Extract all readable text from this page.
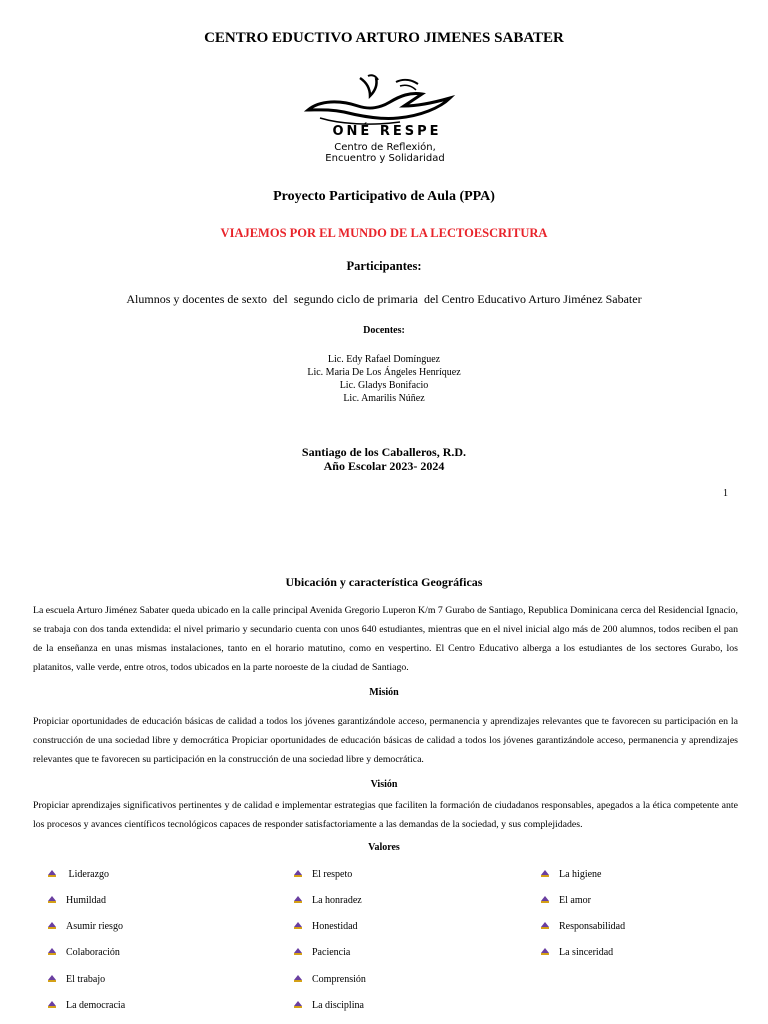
CENTRO EDUCTIVO ARTURO JIMENES SABATER
ONÉ RESPE
Centro de Reflexión,
Encuentro y Solidaridad
Proyecto Participativo de Aula (PPA)
VIAJEMOS POR EL MUNDO DE LA LECTOESCRITURA
Participantes:
Alumnos y docentes de sexto  del  segundo ciclo de primaria  del Centro Educativo Arturo Jiménez Sabater
Docentes:
Lic. Edy Rafael Domínguez
Lic. Maria De Los Ángeles Henríquez
Lic. Gladys Bonifacio
Lic. Amarilis Núñez
Santiago de los Caballeros, R.D.
Año Escolar 2023- 2024
1
Ubicación y característica Geográficas
La escuela Arturo Jiménez Sabater queda ubicado en la calle principal Avenida Gregorio Luperon K/m 7 Gurabo de Santiago, Republica Dominicana cerca del Residencial Ignacio, se trabaja con dos tanda extendida: el nivel primario y secundario cuenta con unos 640 estudiantes, mientras que en el nivel inicial algo más de 200 alumnos, todos reciben el pan de la enseñanza en unas mismas instalaciones, tanto en el horario matutino, como en vespertino. El Centro Educativo alberga a los estudiantes de los sectores Gurabo, los platanitos, valle verde, entre otros, todos ubicados en la parte noroeste de la ciudad de Santiago.
Misión
Propiciar oportunidades de educación básicas de calidad a todos los jóvenes garantizándole acceso, permanencia y aprendizajes relevantes que te favorecen su participación en la construcción de una sociedad libre y democrática Propiciar oportunidades de educación básicas de calidad a todos los jóvenes garantizándole acceso, permanencia y aprendizajes relevantes que te favorecen su participación en la construcción de una sociedad libre y democrática.
Visión
Propiciar aprendizajes significativos pertinentes y de calidad e implementar estrategias que faciliten la formación de ciudadanos responsables, apegados a la ética competente ante los procesos y avances científicos tecnológicos capaces de responder satisfactoriamente a las demandas de la sociedad, y sus complejidades.
Valores
Liderazgo
Humildad
Asumir riesgo
Colaboración
El trabajo
La democracia
El respeto
La honradez
Honestidad
Paciencia
Comprensión
La disciplina
La higiene
El amor
Responsabilidad
La sinceridad
